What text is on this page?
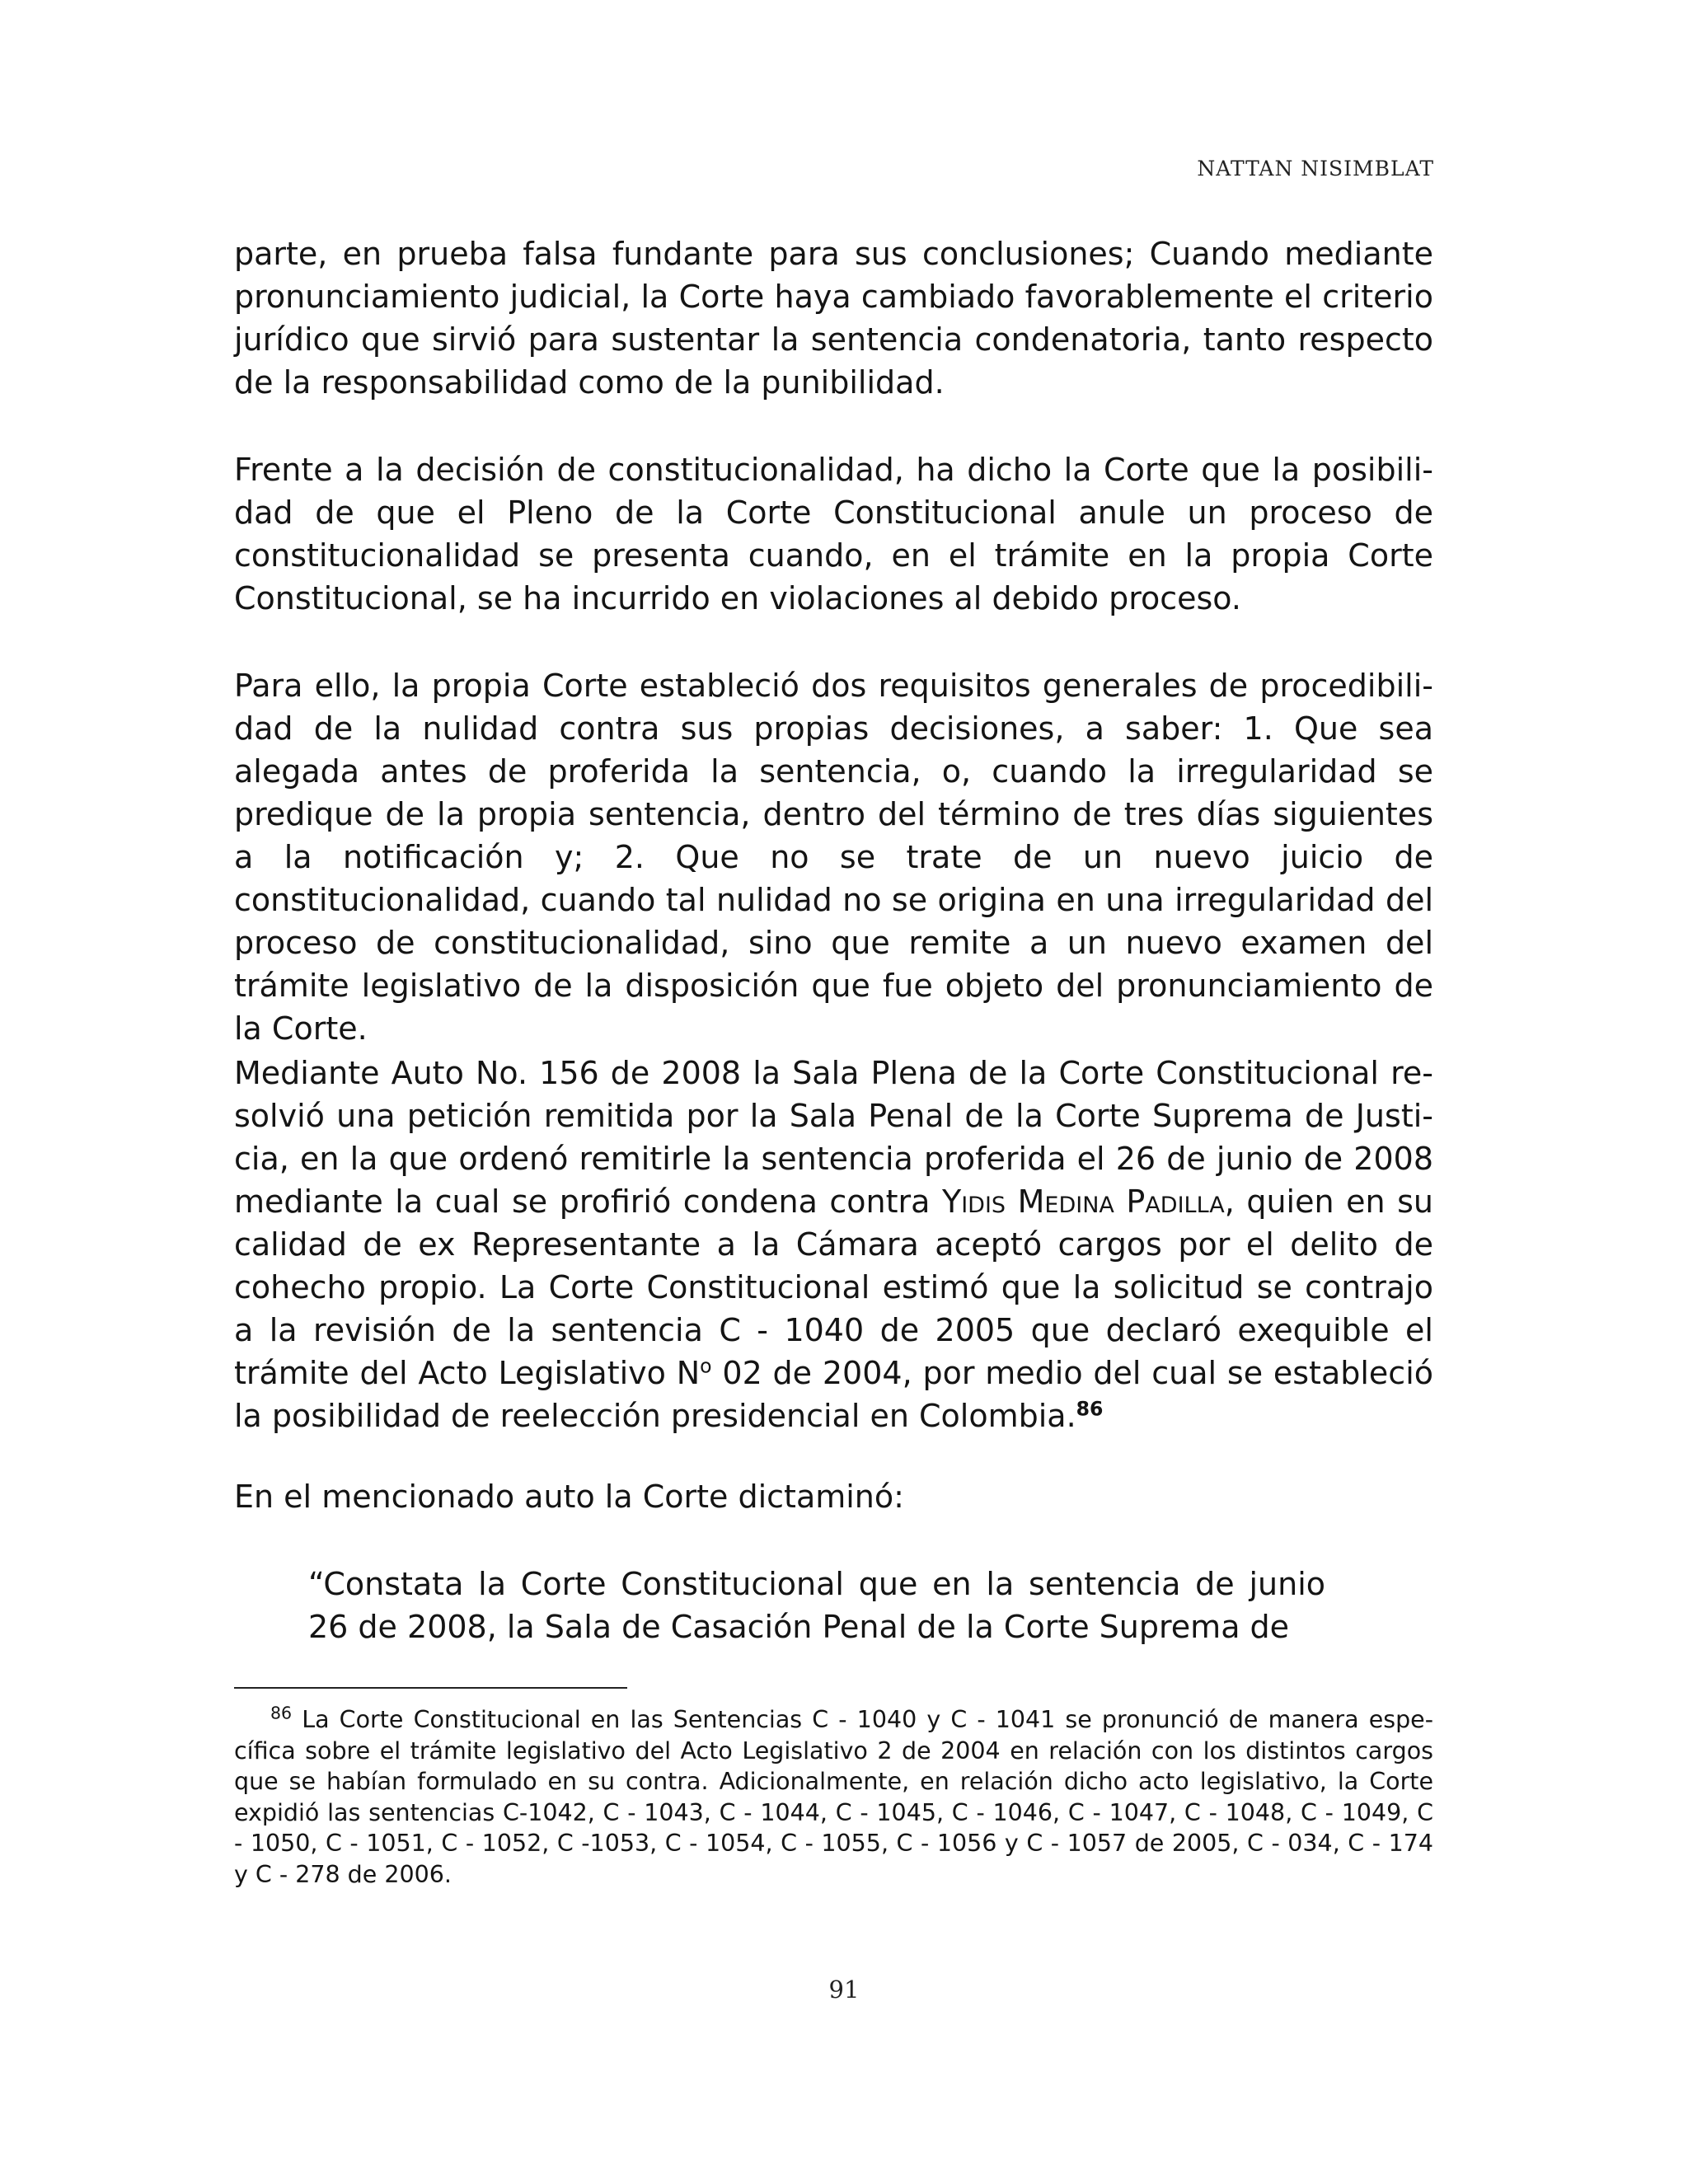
NATTAN NISIMBLAT

parte, en prueba falsa fundante para sus conclusiones; Cuando mediante pronunciamiento judicial, la Corte haya cambiado favorablemente el criterio jurídico que sirvió para sustentar la sentencia condenatoria, tanto respecto de la responsabilidad como de la punibilidad.

Frente a la decisión de constitucionalidad, ha dicho la Corte que la posibilidad de que el Pleno de la Corte Constitucional anule un proceso de constitucionalidad se presenta cuando, en el trámite en la propia Corte Constitucional, se ha incurrido en violaciones al debido proceso.

Para ello, la propia Corte estableció dos requisitos generales de procedibilidad de la nulidad contra sus propias decisiones, a saber: 1. Que sea alegada antes de proferida la sentencia, o, cuando la irregularidad se predique de la propia sentencia, dentro del término de tres días siguientes a la notificación y; 2. Que no se trate de un nuevo juicio de constitucionalidad, cuando tal nulidad no se origina en una irregularidad del proceso de constitucionalidad, sino que remite a un nuevo examen del trámite legislativo de la disposición que fue objeto del pronunciamiento de la Corte.

Mediante Auto No. 156 de 2008 la Sala Plena de la Corte Constitucional resolvió una petición remitida por la Sala Penal de la Corte Suprema de Justicia, en la que ordenó remitirle la sentencia proferida el 26 de junio de 2008 mediante la cual se profirió condena contra Yidis Medina Padilla, quien en su calidad de ex Representante a la Cámara aceptó cargos por el delito de cohecho propio. La Corte Constitucional estimó que la solicitud se contrajo a la revisión de la sentencia C - 1040 de 2005 que declaró exequible el trámite del Acto Legislativo $N^o$ 02 de 2004, por medio del cual se estableció la posibilidad de reelección presidencial en Colombia.$^{86}$

En el mencionado auto la Corte dictaminó:

“Constata la Corte Constitucional que en la sentencia de junio 26 de 2008, la Sala de Casación Penal de la Corte Suprema de

$^{86}$ La Corte Constitucional en las Sentencias C - 1040 y C - 1041 se pronunció de manera específica sobre el trámite legislativo del Acto Legislativo 2 de 2004 en relación con los distintos cargos que se habían formulado en su contra. Adicionalmente, en relación dicho acto legislativo, la Corte expidió las sentencias C-1042, C - 1043, C - 1044, C - 1045, C - 1046, C - 1047, C - 1048, C - 1049, C - 1050, C - 1051, C - 1052, C -1053, C - 1054, C - 1055, C - 1056 y C - 1057 de 2005, C - 034, C - 174 y C - 278 de 2006.

91
